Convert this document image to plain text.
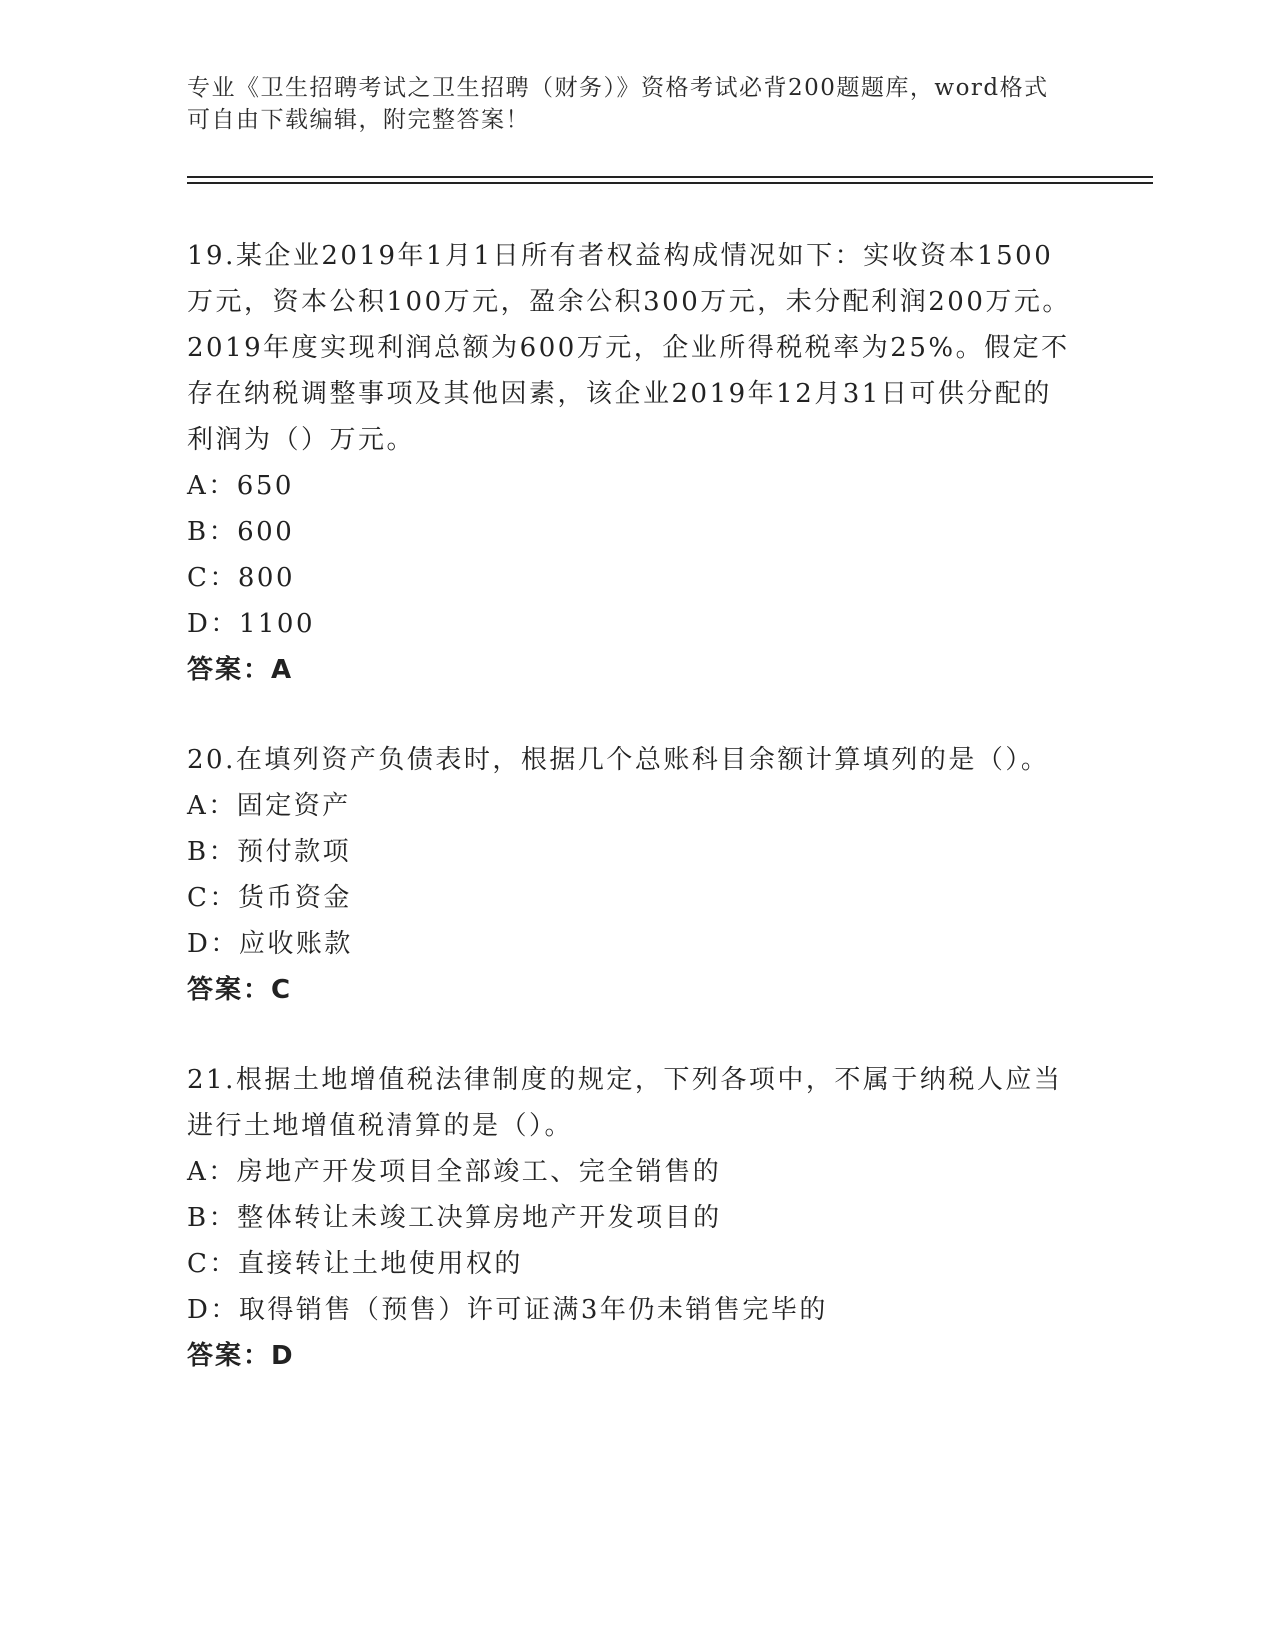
专业《卫生招聘考试之卫生招聘（财务）》资格考试必背200题题库，word格式可自由下载编辑，附完整答案！

19.某企业2019年1月1日所有者权益构成情况如下：实收资本1500万元，资本公积100万元，盈余公积300万元，未分配利润200万元。2019年度实现利润总额为600万元，企业所得税税率为25%。假定不存在纳税调整事项及其他因素，该企业2019年12月31日可供分配的利润为（）万元。

A：650

B：600

C：800

D：1100

答案：A

20.在填列资产负债表时，根据几个总账科目余额计算填列的是（）。

A：固定资产

B：预付款项

C：货币资金

D：应收账款

答案：C

21.根据土地增值税法律制度的规定，下列各项中，不属于纳税人应当进行土地增值税清算的是（）。

A：房地产开发项目全部竣工、完全销售的

B：整体转让未竣工决算房地产开发项目的

C：直接转让土地使用权的

D：取得销售（预售）许可证满3年仍未销售完毕的

答案：D
